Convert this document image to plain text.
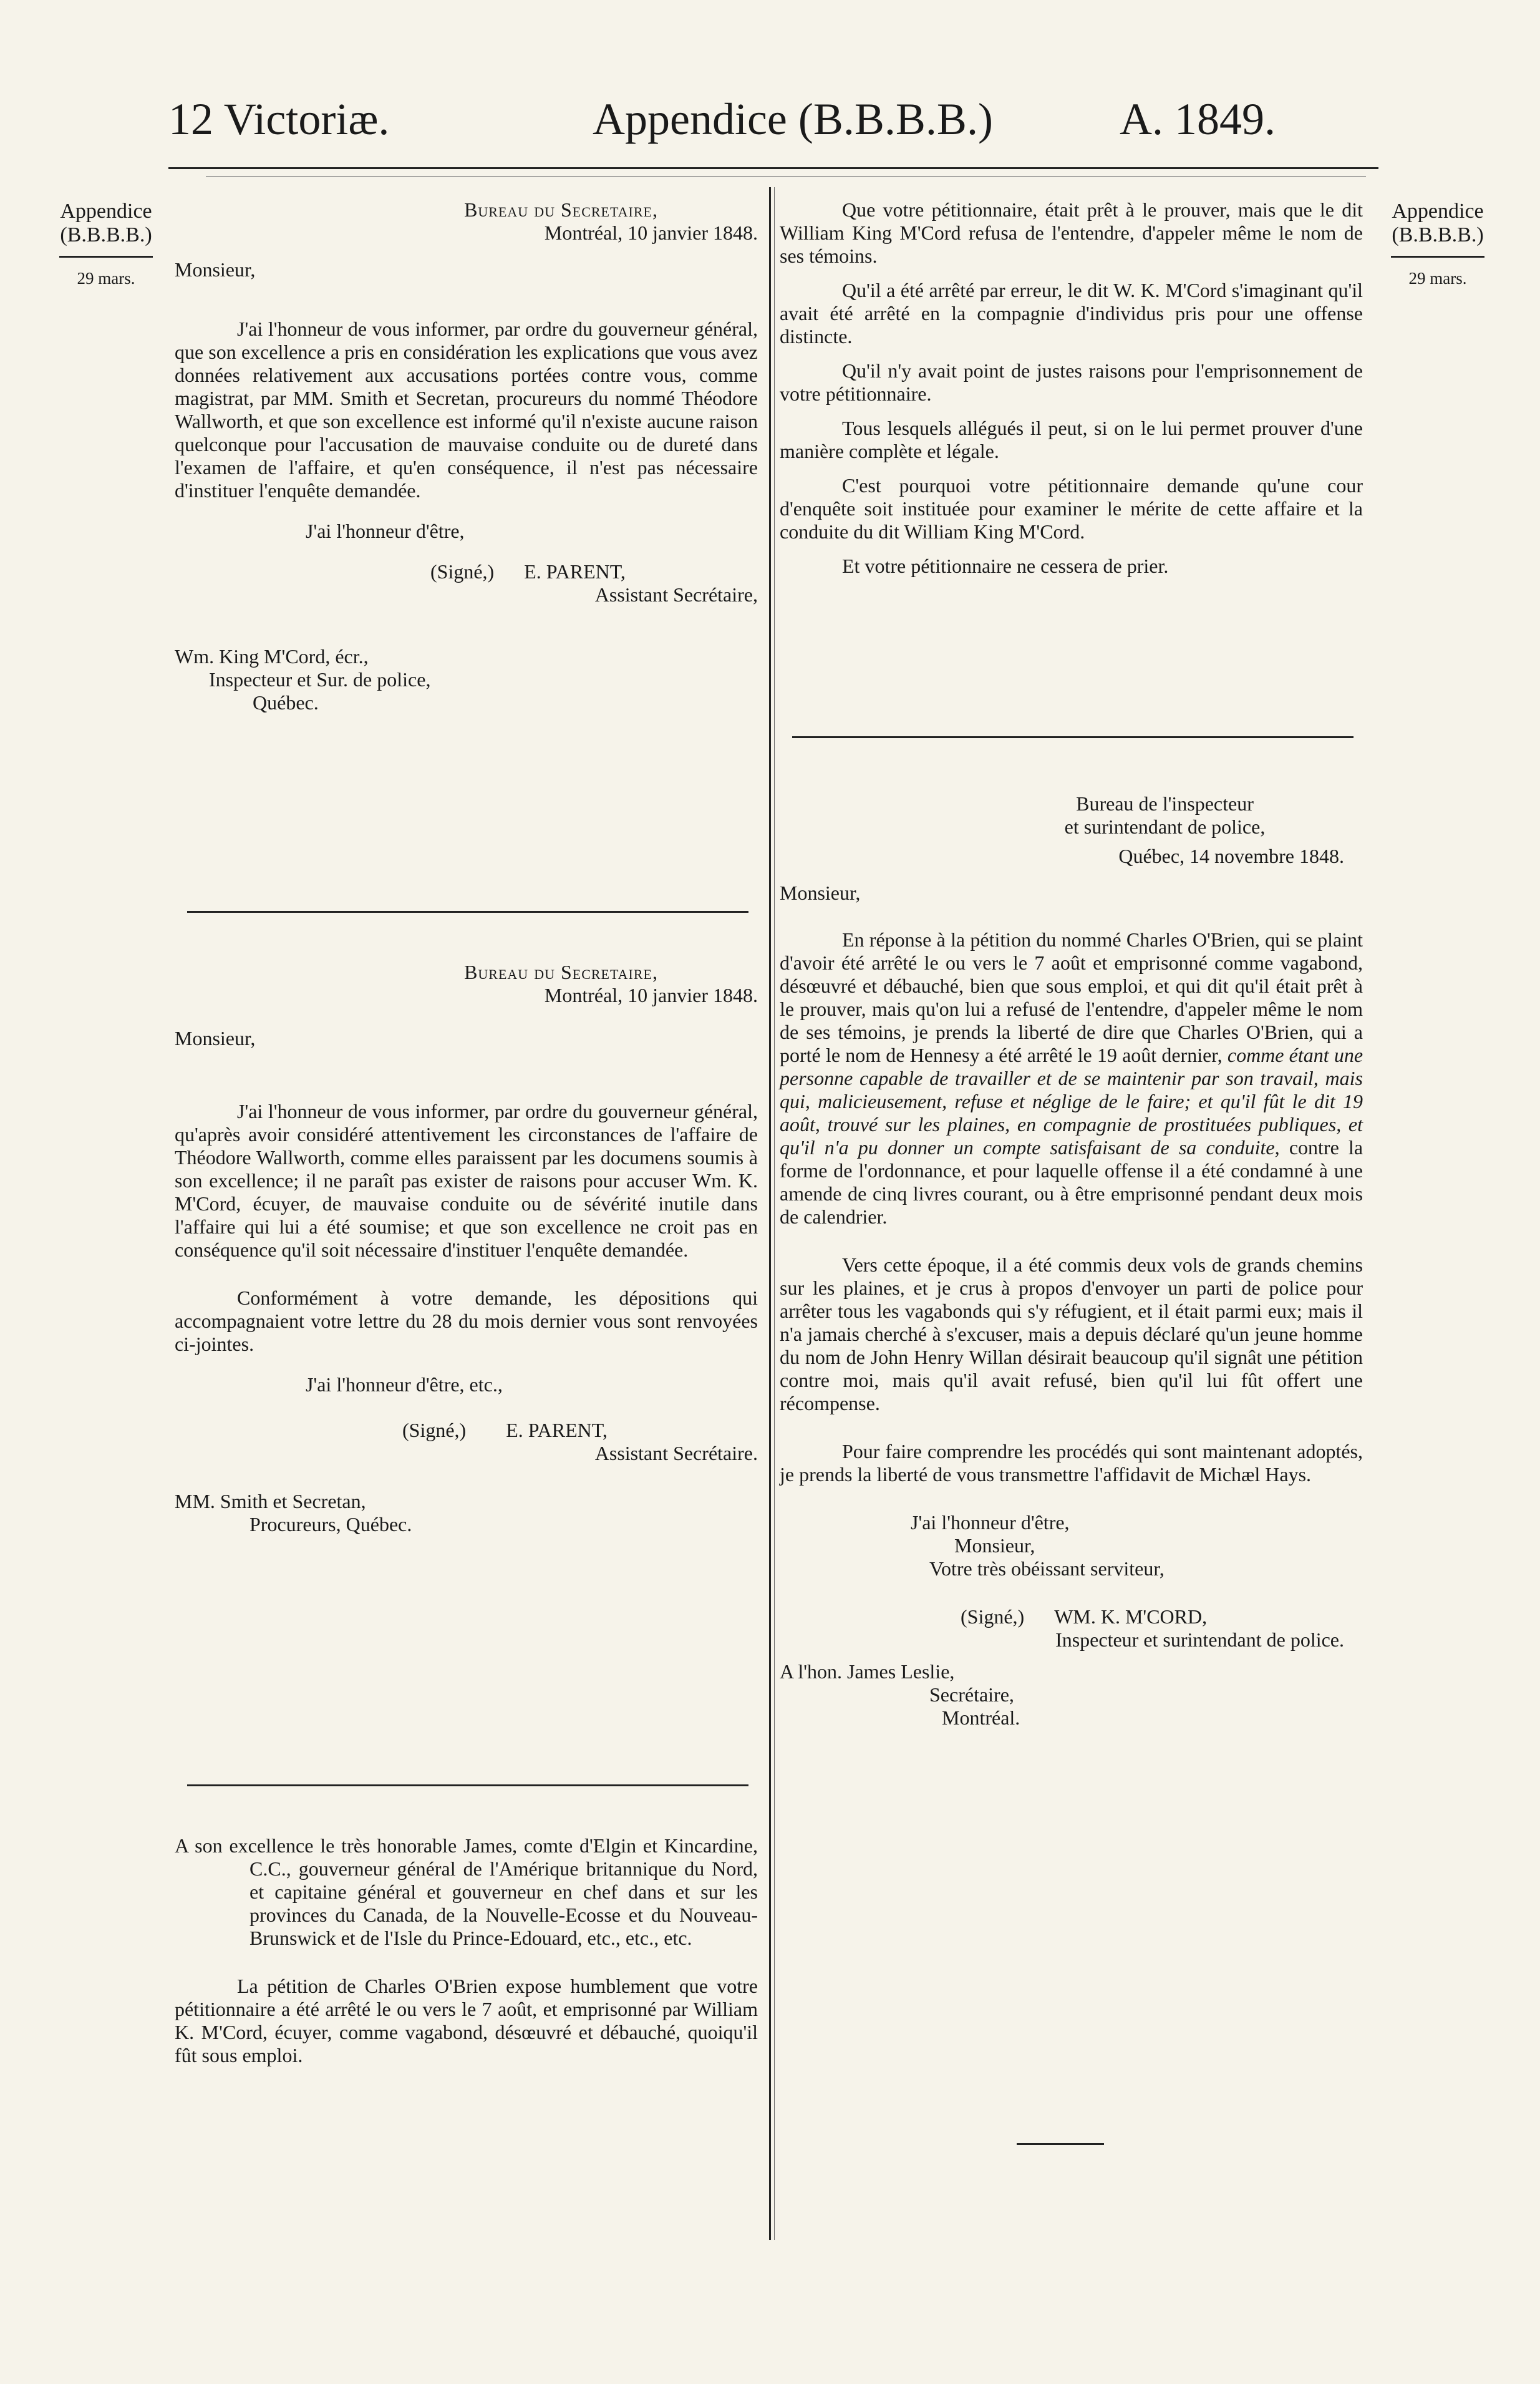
12 Victoriæ.	Appendice (B.B.B.B.)	A. 1849.
Appendice
(B.B.B.B.)
29 mars.
Appendice
(B.B.B.B.)
29 mars.

Bureau du Secretaire,

Montréal, 10 janvier 1848.

Monsieur,

J'ai l'honneur de vous informer, par ordre du gouverneur général, que son excellence a pris en considération les explications que vous avez données relativement aux accusations portées contre vous, comme magistrat, par MM. Smith et Secretan, procureurs du nommé Théodore Wallworth, et que son excellence est informé qu'il n'existe aucune raison quelconque pour l'accusation de mauvaise conduite ou de dureté dans l'examen de l'affaire, et qu'en conséquence, il n'est pas nécessaire d'instituer l'enquête demandée.

J'ai l'honneur d'être,

(Signé,) E. PARENT,

Assistant Secrétaire,

Wm. King M'Cord, écr.,

Inspecteur et Sur. de police,

Québec.

Bureau du Secretaire,

Montréal, 10 janvier 1848.

Monsieur,

J'ai l'honneur de vous informer, par ordre du gouverneur général, qu'après avoir considéré attentivement les circonstances de l'affaire de Théodore Wallworth, comme elles paraissent par les documens soumis à son excellence; il ne paraît pas exister de raisons pour accuser Wm. K. M'Cord, écuyer, de mauvaise conduite ou de sévérité inutile dans l'affaire qui lui a été soumise; et que son excellence ne croit pas en conséquence qu'il soit nécessaire d'instituer l'enquête demandée.

Conformément à votre demande, les dépositions qui accompagnaient votre lettre du 28 du mois dernier vous sont renvoyées ci-jointes.

J'ai l'honneur d'être, etc.,

(Signé,) E. PARENT,

Assistant Secrétaire.

MM. Smith et Secretan,

Procureurs, Québec.

A son excellence le très honorable James, comte d'Elgin et Kincardine, C.C., gouverneur général de l'Amérique britannique du Nord, et capitaine général et gouverneur en chef dans et sur les provinces du Canada, de la Nouvelle-Ecosse et du Nouveau-Brunswick et de l'Isle du Prince-Edouard, etc., etc., etc.

La pétition de Charles O'Brien expose humblement que votre pétitionnaire a été arrêté le ou vers le 7 août, et emprisonné par William K. M'Cord, écuyer, comme vagabond, désœuvré et débauché, quoiqu'il fût sous emploi.

Que votre pétitionnaire, était prêt à le prouver, mais que le dit William King M'Cord refusa de l'entendre, d'appeler même le nom de ses témoins.

Qu'il a été arrêté par erreur, le dit W. K. M'Cord s'imaginant qu'il avait été arrêté en la compagnie d'individus pris pour une offense distincte.

Qu'il n'y avait point de justes raisons pour l'emprisonnement de votre pétitionnaire.

Tous lesquels allégués il peut, si on le lui permet prouver d'une manière complète et légale.

C'est pourquoi votre pétitionnaire demande qu'une cour d'enquête soit instituée pour examiner le mérite de cette affaire et la conduite du dit William King M'Cord.

Et votre pétitionnaire ne cessera de prier.

Bureau de l'inspecteur

et surintendant de police,

Québec, 14 novembre 1848.

Monsieur,

En réponse à la pétition du nommé Charles O'Brien, qui se plaint d'avoir été arrêté le ou vers le 7 août et emprisonné comme vagabond, désœuvré et débauché, bien que sous emploi, et qui dit qu'il était prêt à le prouver, mais qu'on lui a refusé de l'entendre, d'appeler même le nom de ses témoins, je prends la liberté de dire que Charles O'Brien, qui a porté le nom de Hennesy a été arrêté le 19 août dernier, comme étant une personne capable de travailler et de se maintenir par son travail, mais qui, malicieusement, refuse et néglige de le faire; et qu'il fût le dit 19 août, trouvé sur les plaines, en compagnie de prostituées publiques, et qu'il n'a pu donner un compte satisfaisant de sa conduite, contre la forme de l'ordonnance, et pour laquelle offense il a été condamné à une amende de cinq livres courant, ou à être emprisonné pendant deux mois de calendrier.

Vers cette époque, il a été commis deux vols de grands chemins sur les plaines, et je crus à propos d'envoyer un parti de police pour arrêter tous les vagabonds qui s'y réfugient, et il était parmi eux; mais il n'a jamais cherché à s'excuser, mais a depuis déclaré qu'un jeune homme du nom de John Henry Willan désirait beaucoup qu'il signât une pétition contre moi, mais qu'il avait refusé, bien qu'il lui fût offert une récompense.

Pour faire comprendre les procédés qui sont maintenant adoptés, je prends la liberté de vous transmettre l'affidavit de Michæl Hays.

J'ai l'honneur d'être,

Monsieur,

Votre très obéissant serviteur,

(Signé,) WM. K. M'CORD,

Inspecteur et surintendant de police.

A l'hon. James Leslie,

Secrétaire,

Montréal.
